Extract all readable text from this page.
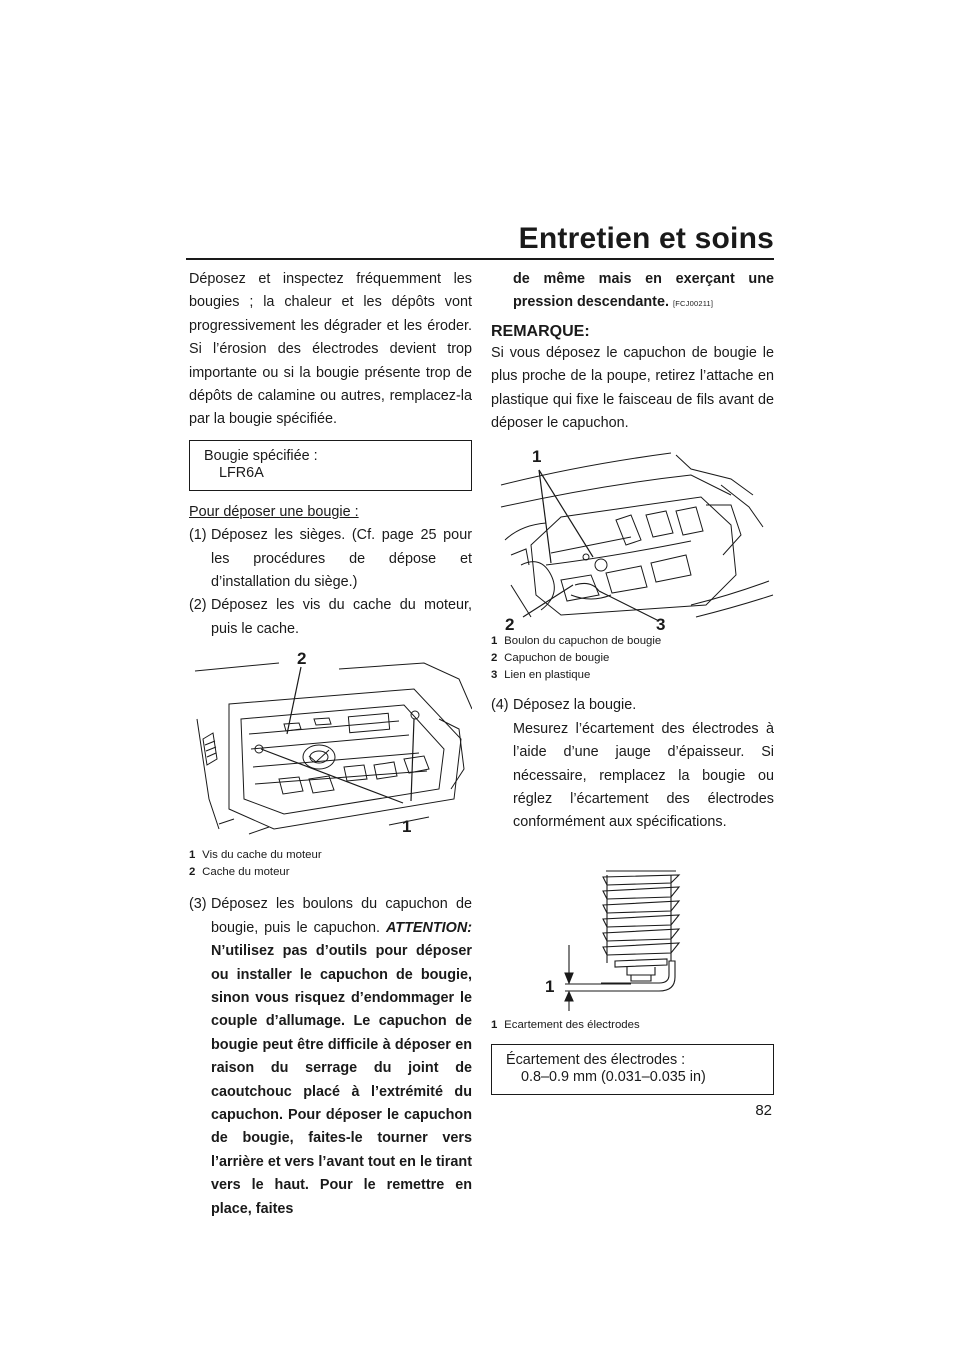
Entretien et soins

Déposez et inspectez fréquemment les bougies ; la chaleur et les dépôts vont progressivement les dégrader et les éroder. Si l’érosion des électrodes devient trop importante ou si la bougie présente trop de dépôts de calamine ou autres, remplacez-la par la bougie spécifiée.

Bougie spécifiée :
LFR6A
Pour déposer une bougie :
(1) Déposez les sièges. (Cf. page 25 pour les procédures de dépose et d’installation du siège.)
(2) Déposez les vis du cache du moteur, puis le cache.
2
1
1 Vis du cache du moteur
2 Cache du moteur
(3) Déposez les boulons du capuchon de bougie, puis le capuchon. ATTENTION: N’utilisez pas d’outils pour déposer ou installer le capuchon de bougie, sinon vous risquez d’endommager le couple d’allumage. Le capuchon de bougie peut être difficile à déposer en raison du serrage du joint de caoutchouc placé à l’extrémité du capuchon. Pour déposer le capuchon de bougie, faites-le tourner vers l’arrière et vers l’avant tout en le tirant vers le haut. Pour le remettre en place, faites
de même mais en exerçant une pression descendante. [FCJ00211]
REMARQUE:

Si vous déposez le capuchon de bougie le plus proche de la poupe, retirez l’attache en plastique qui fixe le faisceau de fils avant de déposer le capuchon.

1
2	3
1 Boulon du capuchon de bougie
2 Capuchon de bougie
3 Lien en plastique
(4) Déposez la bougie.
Mesurez l’écartement des électrodes à l’aide d’une jauge d’épaisseur. Si nécessaire, remplacez la bougie ou réglez l’écartement des électrodes conformément aux spécifications.
1
1 Ecartement des électrodes
Écartement des électrodes :
0.8–0.9 mm (0.031–0.035 in)
82
